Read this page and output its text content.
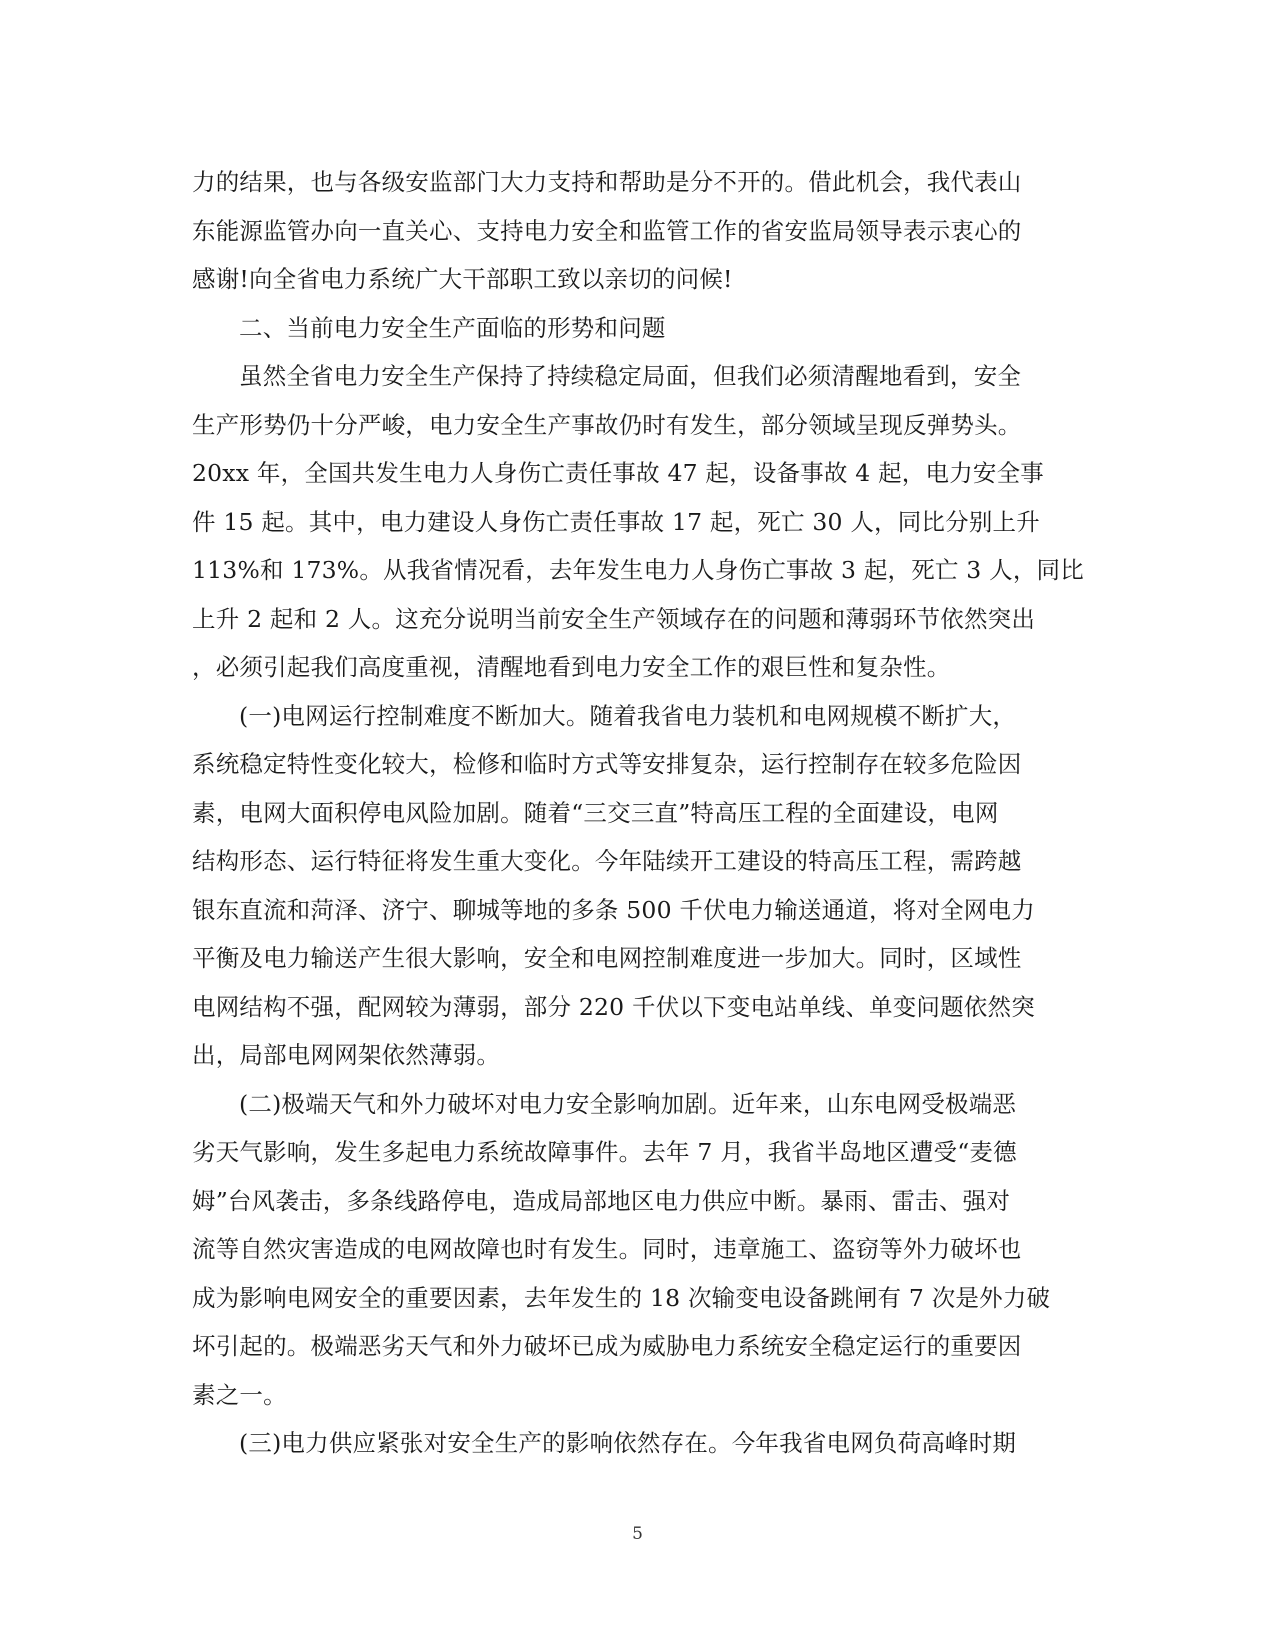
力的结果，也与各级安监部门大力支持和帮助是分不开的。借此机会，我代表山
东能源监管办向一直关心、支持电力安全和监管工作的省安监局领导表示衷心的
感谢!向全省电力系统广大干部职工致以亲切的问候!
二、当前电力安全生产面临的形势和问题
虽然全省电力安全生产保持了持续稳定局面，但我们必须清醒地看到，安全
生产形势仍十分严峻，电力安全生产事故仍时有发生，部分领域呈现反弹势头。
20xx 年，全国共发生电力人身伤亡责任事故 47 起，设备事故 4 起，电力安全事
件 15 起。其中，电力建设人身伤亡责任事故 17 起，死亡 30 人，同比分别上升
113%和 173%。从我省情况看，去年发生电力人身伤亡事故 3 起，死亡 3 人，同比
上升 2 起和 2 人。这充分说明当前安全生产领域存在的问题和薄弱环节依然突出
，必须引起我们高度重视，清醒地看到电力安全工作的艰巨性和复杂性。
(一)电网运行控制难度不断加大。随着我省电力装机和电网规模不断扩大，
系统稳定特性变化较大，检修和临时方式等安排复杂，运行控制存在较多危险因
素，电网大面积停电风险加剧。随着“三交三直”特高压工程的全面建设，电网
结构形态、运行特征将发生重大变化。今年陆续开工建设的特高压工程，需跨越
银东直流和菏泽、济宁、聊城等地的多条 500 千伏电力输送通道，将对全网电力
平衡及电力输送产生很大影响，安全和电网控制难度进一步加大。同时，区域性
电网结构不强，配网较为薄弱，部分 220 千伏以下变电站单线、单变问题依然突
出，局部电网网架依然薄弱。
(二)极端天气和外力破坏对电力安全影响加剧。近年来，山东电网受极端恶
劣天气影响，发生多起电力系统故障事件。去年 7 月，我省半岛地区遭受“麦德
姆”台风袭击，多条线路停电，造成局部地区电力供应中断。暴雨、雷击、强对
流等自然灾害造成的电网故障也时有发生。同时，违章施工、盗窃等外力破坏也
成为影响电网安全的重要因素，去年发生的 18 次输变电设备跳闸有 7 次是外力破
坏引起的。极端恶劣天气和外力破坏已成为威胁电力系统安全稳定运行的重要因
素之一。
(三)电力供应紧张对安全生产的影响依然存在。今年我省电网负荷高峰时期
5
